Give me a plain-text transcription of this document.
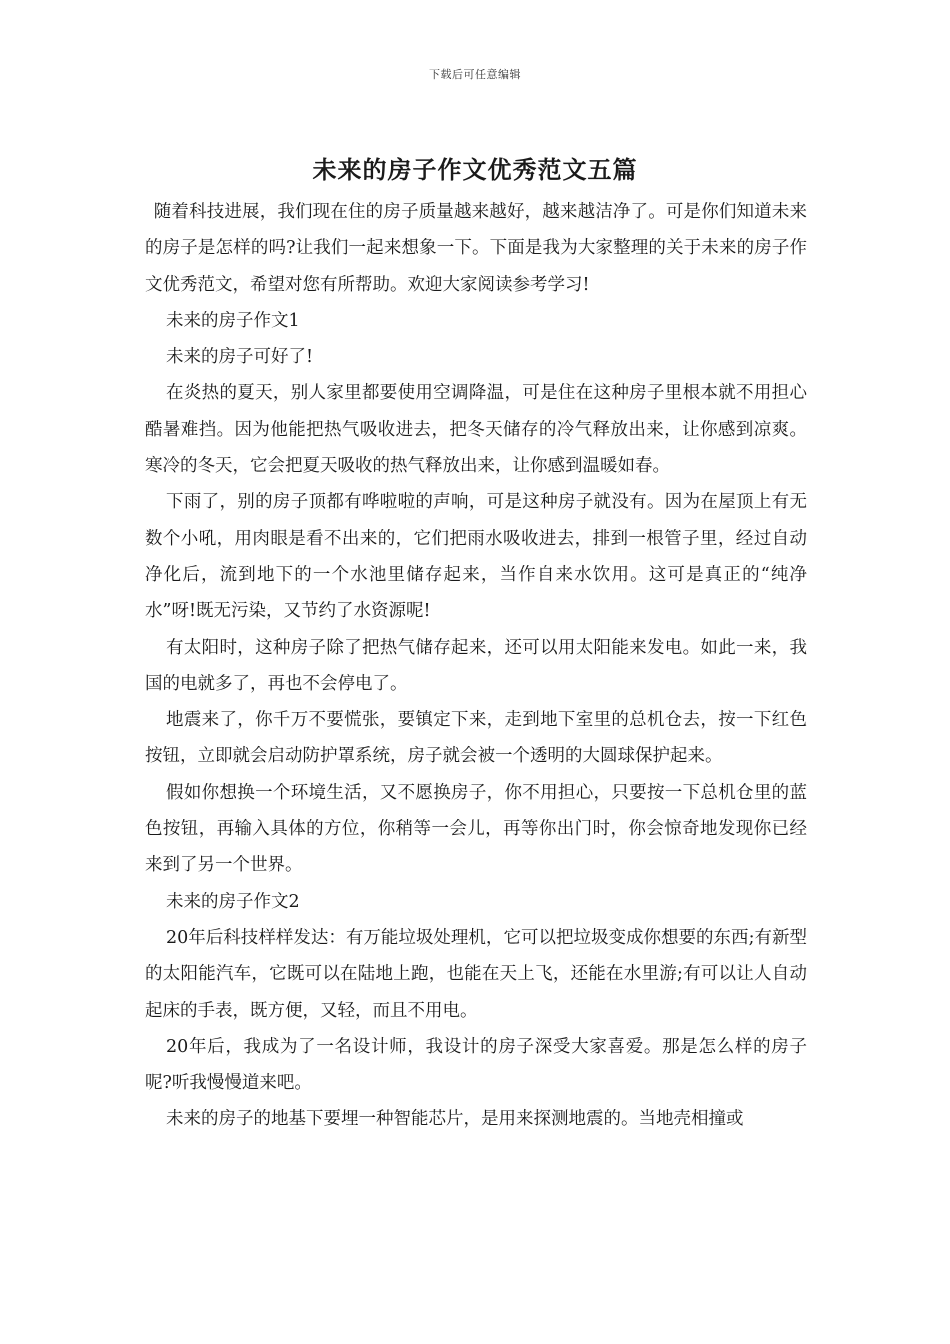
下载后可任意编辑
未来的房子作文优秀范文五篇

随着科技进展，我们现在住的房子质量越来越好，越来越洁净了。可是你们知道未来的房子是怎样的吗?让我们一起来想象一下。下面是我为大家整理的关于未来的房子作文优秀范文，希望对您有所帮助。欢迎大家阅读参考学习!

未来的房子作文1

未来的房子可好了!

在炎热的夏天，别人家里都要使用空调降温，可是住在这种房子里根本就不用担心酷暑难挡。因为他能把热气吸收进去，把冬天储存的冷气释放出来，让你感到凉爽。寒冷的冬天，它会把夏天吸收的热气释放出来，让你感到温暖如春。

下雨了，别的房子顶都有哗啦啦的声响，可是这种房子就没有。因为在屋顶上有无数个小吼，用肉眼是看不出来的，它们把雨水吸收进去，排到一根管子里，经过自动净化后，流到地下的一个水池里储存起来，当作自来水饮用。这可是真正的“纯净水”呀!既无污染，又节约了水资源呢!

有太阳时，这种房子除了把热气储存起来，还可以用太阳能来发电。如此一来，我国的电就多了，再也不会停电了。

地震来了，你千万不要慌张，要镇定下来，走到地下室里的总机仓去，按一下红色按钮，立即就会启动防护罩系统，房子就会被一个透明的大圆球保护起来。

假如你想换一个环境生活，又不愿换房子，你不用担心，只要按一下总机仓里的蓝色按钮，再输入具体的方位，你稍等一会儿，再等你出门时，你会惊奇地发现你已经来到了另一个世界。

未来的房子作文2

20年后科技样样发达：有万能垃圾处理机，它可以把垃圾变成你想要的东西;有新型的太阳能汽车，它既可以在陆地上跑，也能在天上飞，还能在水里游;有可以让人自动起床的手表，既方便，又轻，而且不用电。

20年后，我成为了一名设计师，我设计的房子深受大家喜爱。那是怎么样的房子呢?听我慢慢道来吧。

未来的房子的地基下要埋一种智能芯片，是用来探测地震的。当地壳相撞或
